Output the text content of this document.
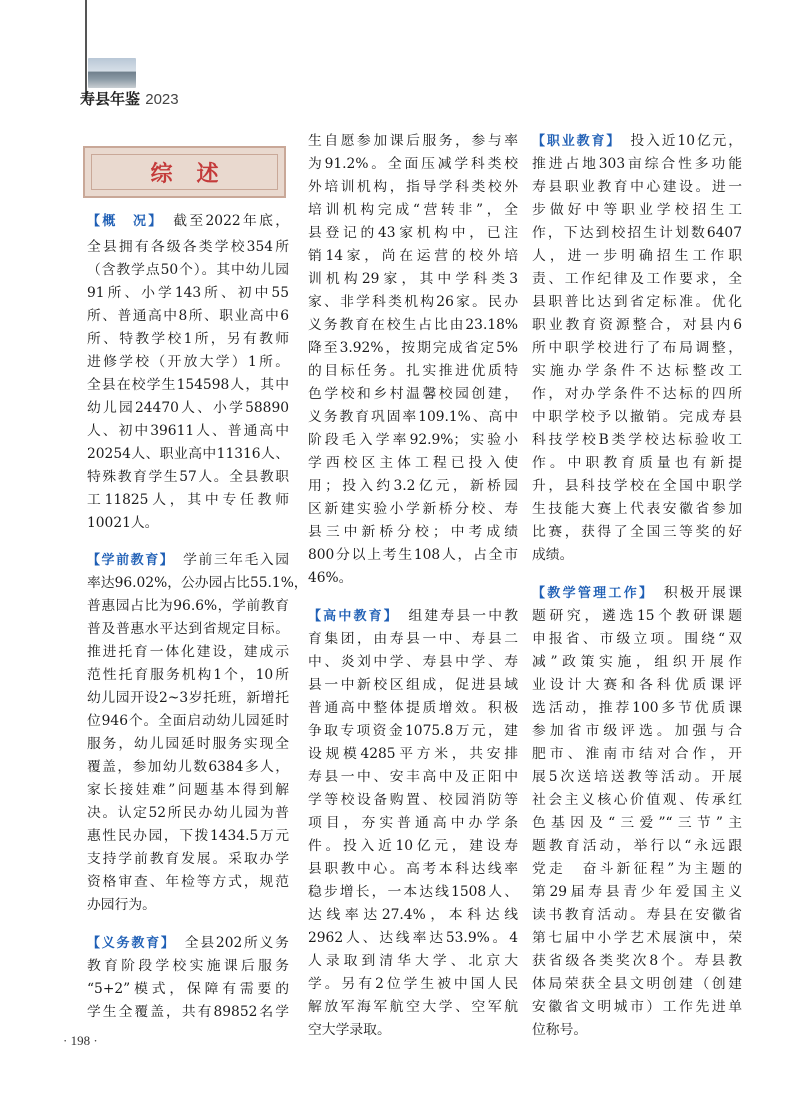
寿县年鉴 2023
综述
【概　况】　截至2022年底，
全县拥有各级各类学校354所
（含教学点50个）。其中幼儿园
91所、小学143所、初中55
所、普通高中8所、职业高中6
所、特教学校1所，另有教师
进修学校（开放大学）1所。
全县在校学生154598人，其中
幼儿园24470人、小学58890
人、初中39611人、普通高中
20254人、职业高中11316人、
特殊教育学生57人。全县教职
工11825人，其中专任教师
10021人。
【学前教育】　学前三年毛入园
率达96.02%，公办园占比55.1%，
普惠园占比为96.6%，学前教育
普及普惠水平达到省规定目标。
推进托育一体化建设，建成示
范性托育服务机构1个，10所
幼儿园开设2~3岁托班，新增托
位946个。全面启动幼儿园延时
服务，幼儿园延时服务实现全
覆盖，参加幼儿数6384多人，
家长接娃难”问题基本得到解
决。认定52所民办幼儿园为普
惠性民办园，下拨1434.5万元
支持学前教育发展。采取办学
资格审查、年检等方式，规范
办园行为。
【义务教育】　全县202所义务
教育阶段学校实施课后服务
“5+2”模式，保障有需要的
学生全覆盖，共有89852名学
生自愿参加课后服务，参与率
为91.2%。全面压减学科类校
外培训机构，指导学科类校外
培训机构完成“营转非”，全
县登记的43家机构中，已注
销14家，尚在运营的校外培
训机构29家，其中学科类3
家、非学科类机构26家。民办
义务教育在校生占比由23.18%
降至3.92%，按期完成省定5%
的目标任务。扎实推进优质特
色学校和乡村温馨校园创建，
义务教育巩固率109.1%、高中
阶段毛入学率92.9%；实验小
学西校区主体工程已投入使
用；投入约3.2亿元，新桥园
区新建实验小学新桥分校、寿
县三中新桥分校；中考成绩
800分以上考生108人，占全市
46%。
【高中教育】　组建寿县一中教
育集团，由寿县一中、寿县二
中、炎刘中学、寿县中学、寿
县一中新校区组成，促进县域
普通高中整体提质增效。积极
争取专项资金1075.8万元，建
设规模4285平方米，共安排
寿县一中、安丰高中及正阳中
学等校设备购置、校园消防等
项目，夯实普通高中办学条
件。投入近10亿元，建设寿
县职教中心。高考本科达线率
稳步增长，一本达线1508人、
达线率达27.4%，本科达线
2962人、达线率达53.9%。4
人录取到清华大学、北京大
学。另有2位学生被中国人民
解放军海军航空大学、空军航
空大学录取。
【职业教育】　投入近10亿元，
推进占地303亩综合性多功能
寿县职业教育中心建设。进一
步做好中等职业学校招生工
作，下达到校招生计划数6407
人，进一步明确招生工作职
责、工作纪律及工作要求，全
县职普比达到省定标准。优化
职业教育资源整合，对县内6
所中职学校进行了布局调整，
实施办学条件不达标整改工
作，对办学条件不达标的四所
中职学校予以撤销。完成寿县
科技学校B类学校达标验收工
作。中职教育质量也有新提
升，县科技学校在全国中职学
生技能大赛上代表安徽省参加
比赛，获得了全国三等奖的好
成绩。
【教学管理工作】　积极开展课
题研究，遴选15个教研课题
申报省、市级立项。围绕“双
减”政策实施，组织开展作
业设计大赛和各科优质课评
选活动，推荐100多节优质课
参加省市级评选。加强与合
肥市、淮南市结对合作，开
展5次送培送教等活动。开展
社会主义核心价值观、传承红
色基因及“三爱”“三节”主
题教育活动，举行以“永远跟
党走　奋斗新征程”为主题的
第29届寿县青少年爱国主义
读书教育活动。寿县在安徽省
第七届中小学艺术展演中，荣
获省级各类奖次8个。寿县教
体局荣获全县文明创建（创建
安徽省文明城市）工作先进单
位称号。
· 198 ·
